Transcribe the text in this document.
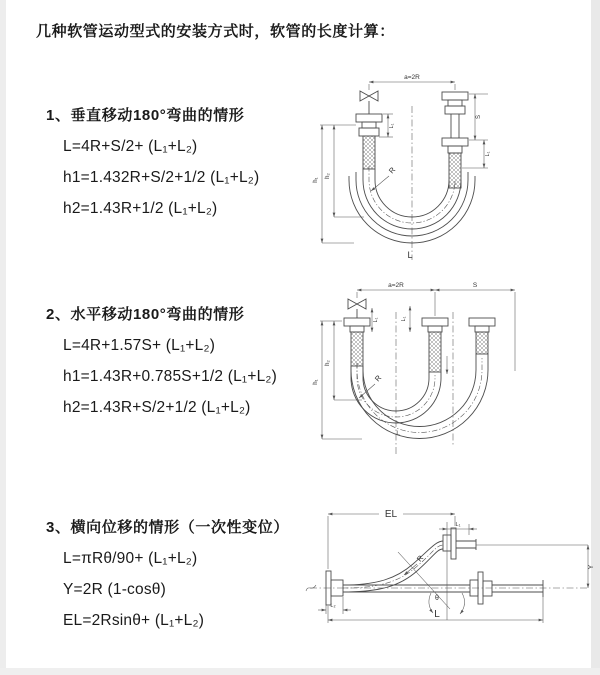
几种软管运动型式的安装方式时，软管的长度计算：
1、垂直移动180°弯曲的情形
L=4R+S/2+ (L₁+L₂)
h1=1.432R+S/2+1/2 (L₁+L₂)
h2=1.43R+1/2 (L₁+L₂)
2、水平移动180°弯曲的情形
L=4R+1.57S+ (L₁+L₂)
h1=1.43R+0.785S+1/2 (L₁+L₂)
h2=1.43R+S/2+1/2 (L₁+L₂)
3、横向位移的情形（一次性变位）
L=πRθ/90+ (L₁+L₂)
Y=2R (1-cosθ)
EL=2Rsinθ+ (L₁+L₂)
a=2R
S
L₁
L₁
h₁
h₂
R
L
a=2R	S
h₁
h₂
L₁	L₁
R
L
θ
R
EL
L₁
Y
L₂
L
